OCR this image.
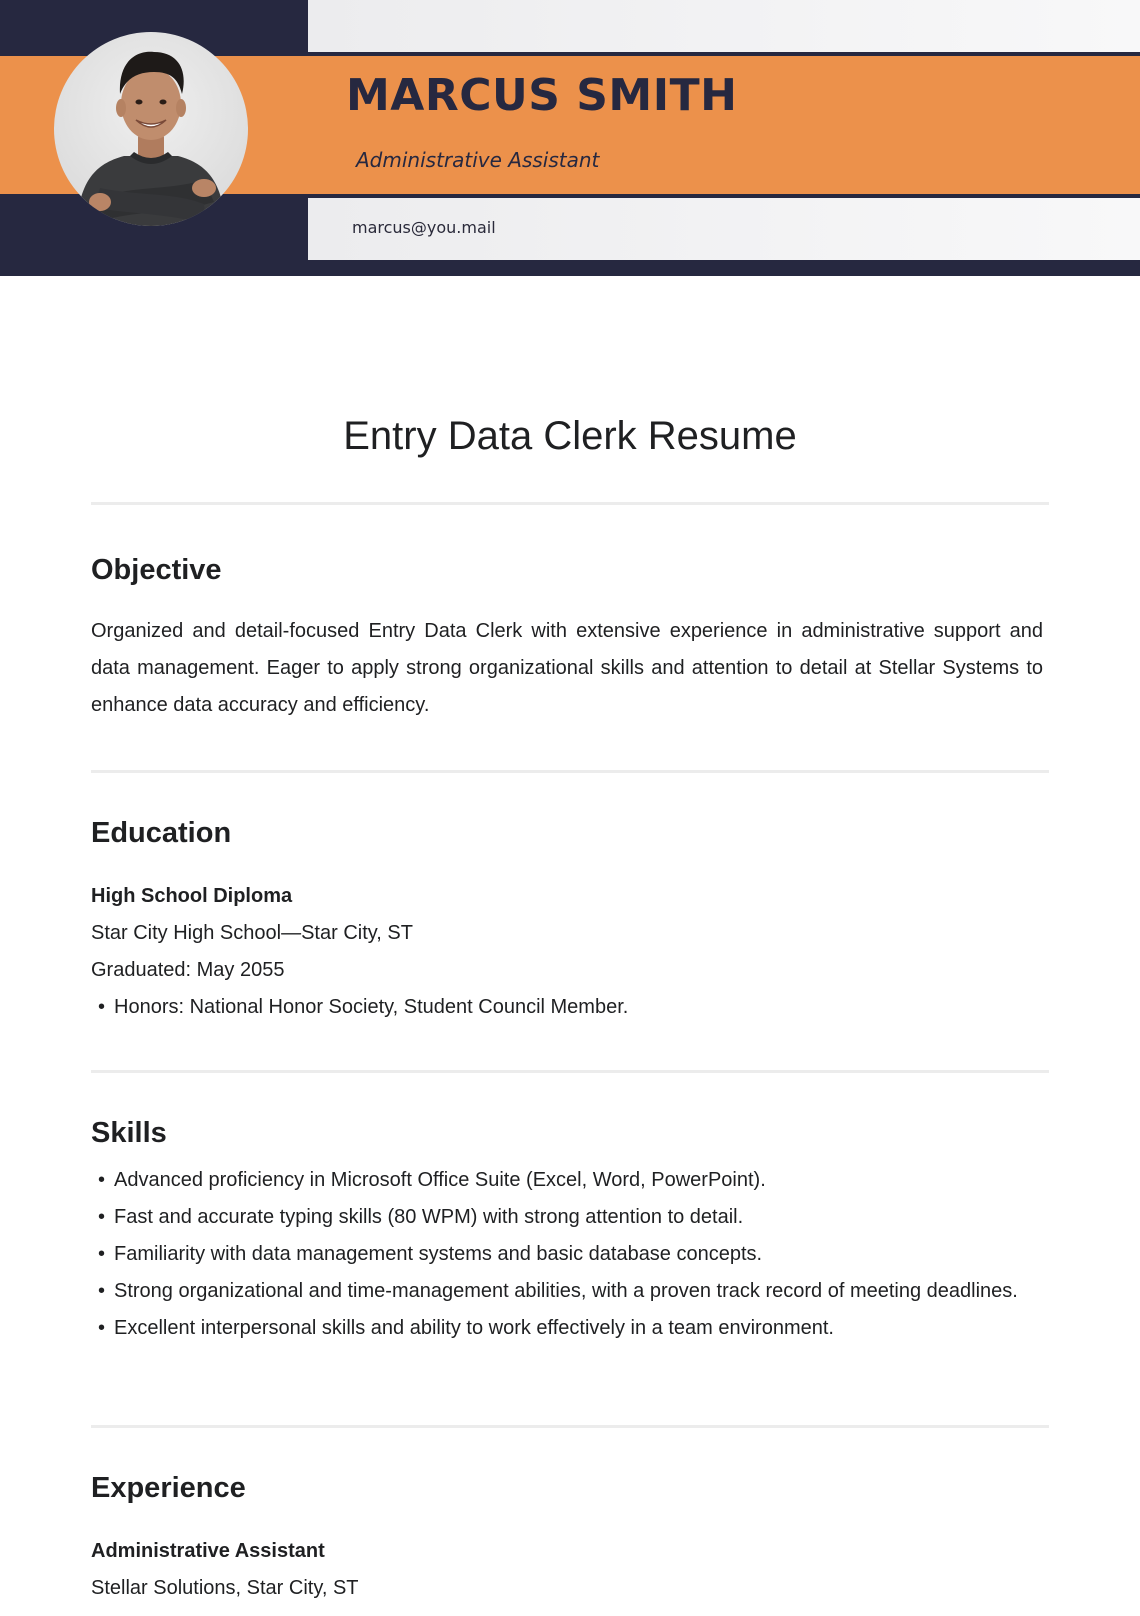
MARCUS SMITH
Administrative Assistant
marcus@you.mail
Entry Data Clerk Resume
Objective

Organized and detail-focused Entry Data Clerk with extensive experience in administrative support and data management. Eager to apply strong organizational skills and attention to detail at Stellar Systems to enhance data accuracy and efficiency.

Education
High School Diploma
Star City High School—Star City, ST
Graduated: May 2055
• Honors: National Honor Society, Student Council Member.
Skills
• Advanced proficiency in Microsoft Office Suite (Excel, Word, PowerPoint).
• Fast and accurate typing skills (80 WPM) with strong attention to detail.
• Familiarity with data management systems and basic database concepts.
• Strong organizational and time-management abilities, with a proven track record of meeting deadlines.
• Excellent interpersonal skills and ability to work effectively in a team environment.
Experience
Administrative Assistant
Stellar Solutions, Star City, ST
